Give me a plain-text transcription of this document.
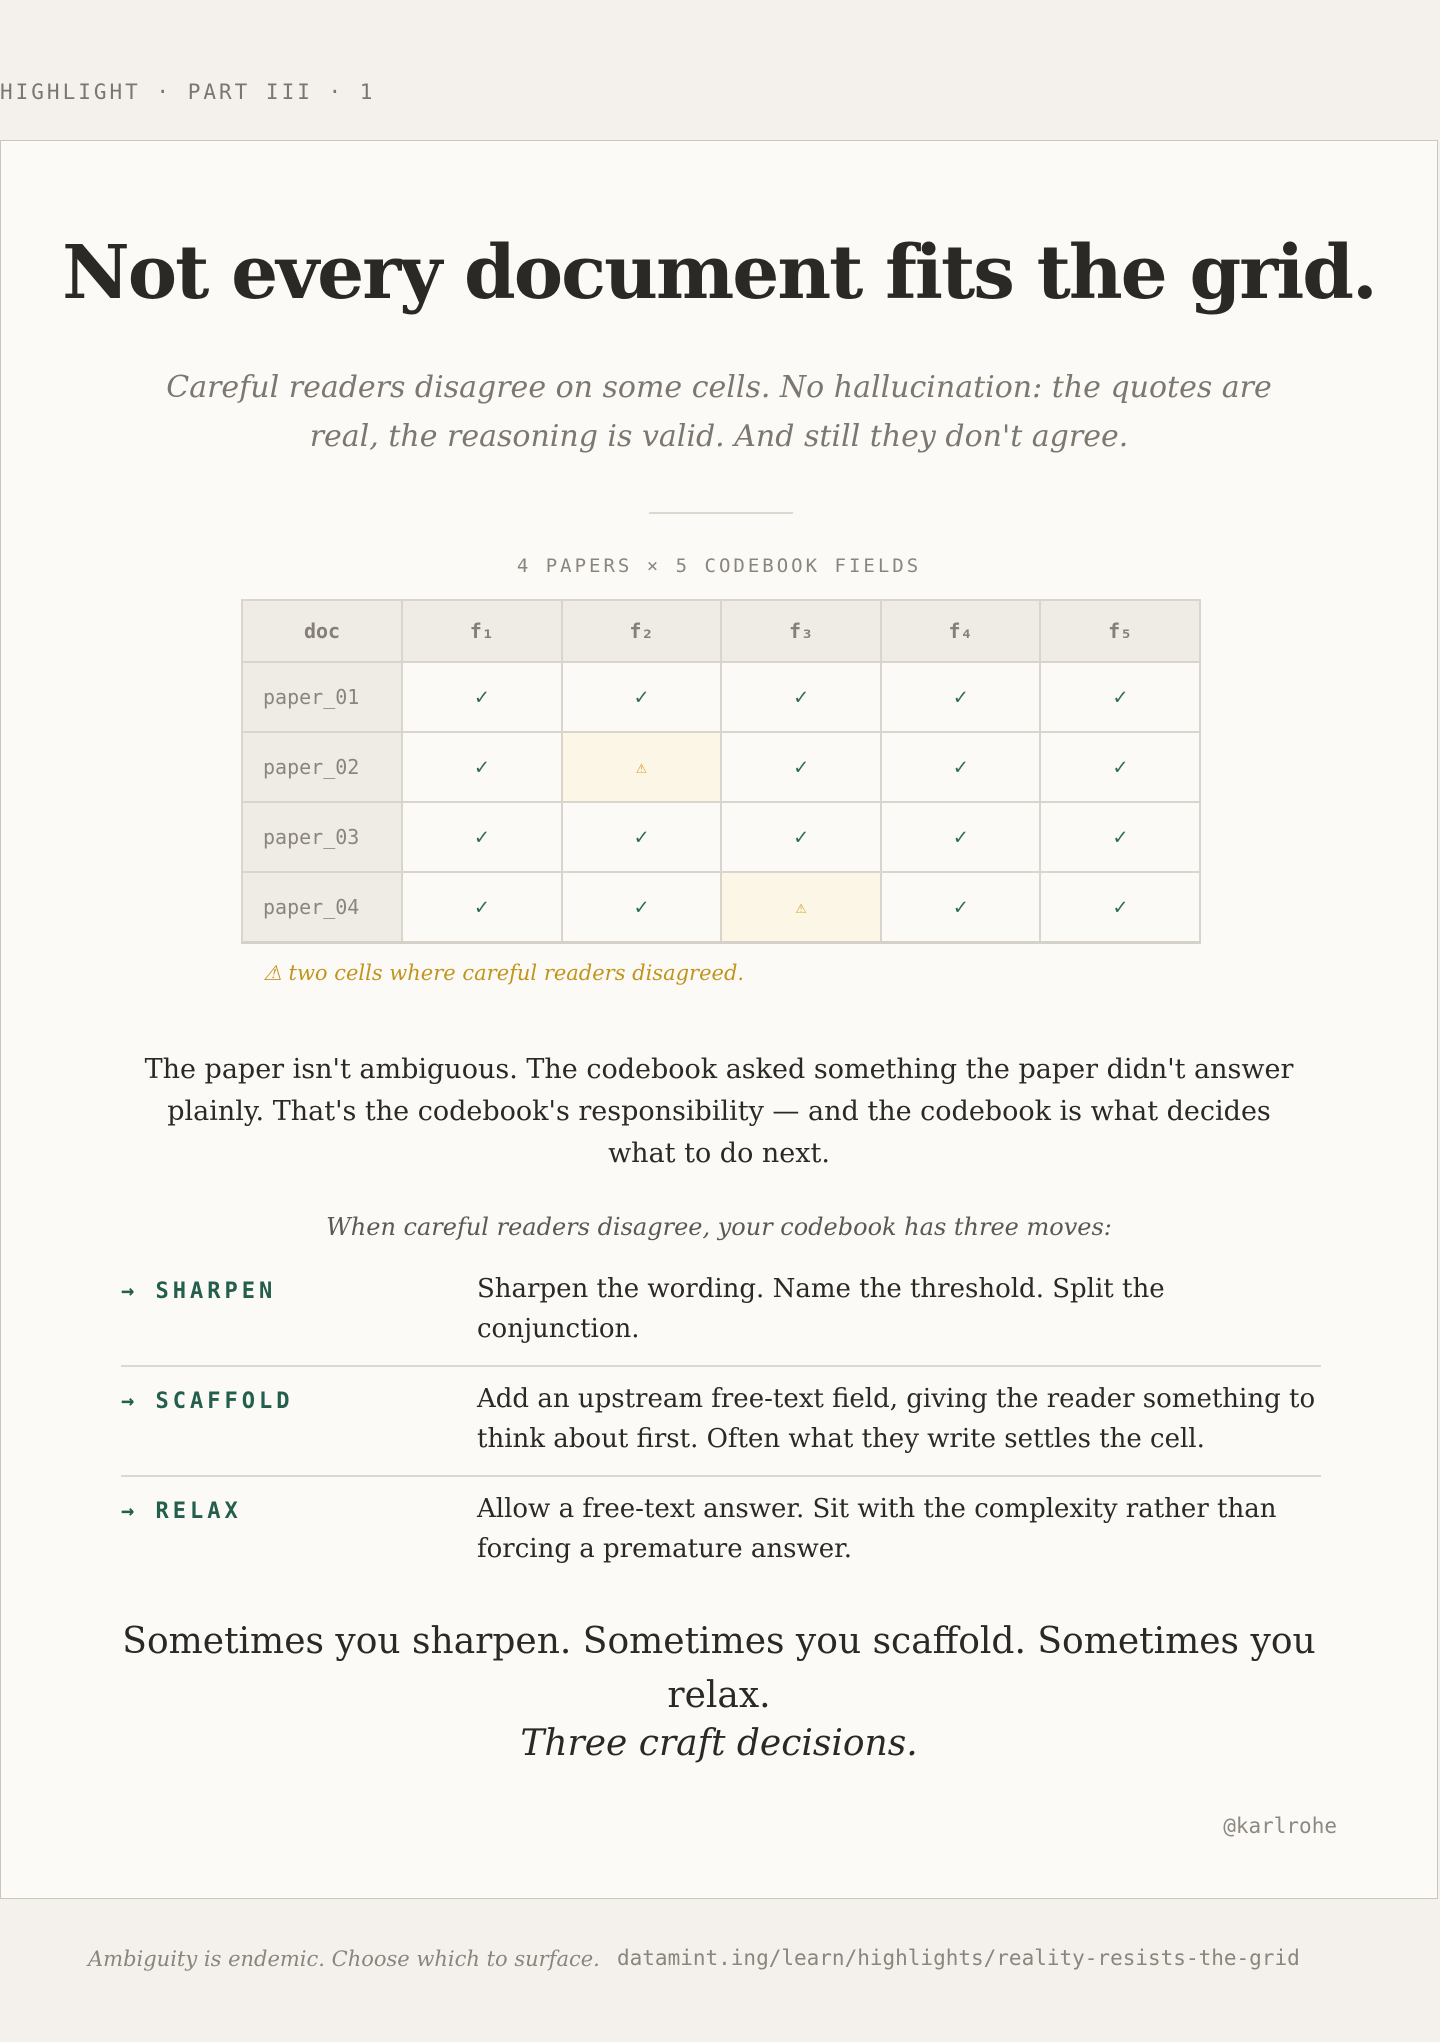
HIGHLIGHT · PART III · 1
Not every document fits the grid.
Careful readers disagree on some cells. No hallucination: the quotes are real, the reasoning is valid. And still they don't agree.
4 PAPERS × 5 CODEBOOK FIELDS
doc	f₁	f₂	f₃	f₄	f₅
paper_01	✓	✓	✓	✓	✓
paper_02	✓	⚠	✓	✓	✓
paper_03	✓	✓	✓	✓	✓
paper_04	✓	✓	⚠	✓	✓
⚠ two cells where careful readers disagreed.
The paper isn't ambiguous. The codebook asked something the paper didn't answer plainly. That's the codebook's responsibility — and the codebook is what decides what to do next.
When careful readers disagree, your codebook has three moves:
→ SHARPEN	Sharpen the wording. Name the threshold. Split the conjunction.
→ SCAFFOLD	Add an upstream free-text field, giving the reader something to think about first. Often what they write settles the cell.
→ RELAX	Allow a free-text answer. Sit with the complexity rather than forcing a premature answer.
Sometimes you sharpen. Sometimes you scaffold. Sometimes you relax.
Three craft decisions.
@karlrohe
Ambiguity is endemic. Choose which to surface. datamint.ing/learn/highlights/reality-resists-the-grid
